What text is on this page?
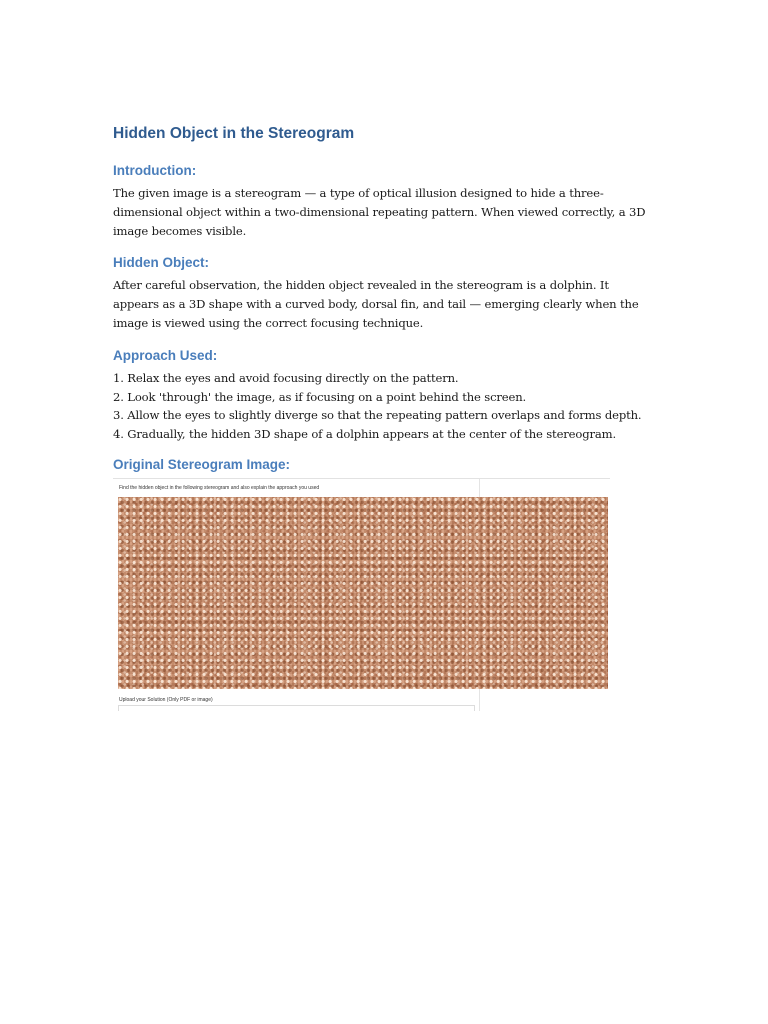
Hidden Object in the Stereogram
Introduction:

The given image is a stereogram — a type of optical illusion designed to hide a three-dimensional object within a two-dimensional repeating pattern. When viewed correctly, a 3D image becomes visible.

Hidden Object:

After careful observation, the hidden object revealed in the stereogram is a dolphin. It appears as a 3D shape with a curved body, dorsal fin, and tail — emerging clearly when the image is viewed using the correct focusing technique.

Approach Used:
1. Relax the eyes and avoid focusing directly on the pattern.
2. Look 'through' the image, as if focusing on a point behind the screen.
3. Allow the eyes to slightly diverge so that the repeating pattern overlaps and forms depth.
4. Gradually, the hidden 3D shape of a dolphin appears at the center of the stereogram.
Original Stereogram Image:
Find the hidden object in the following stereogram and also explain the approach you used
Upload your Solution (Only PDF or image)
